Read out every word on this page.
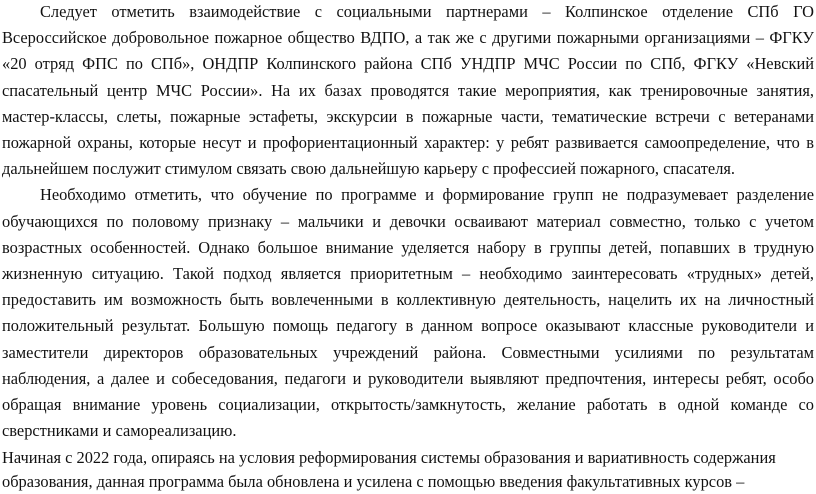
Следует отметить взаимодействие с социальными партнерами – Колпинское отделение СПб ГО Всероссийское добровольное пожарное общество ВДПО, а так же с другими пожарными организациями – ФГКУ «20 отряд ФПС по СПб», ОНДПР Колпинского района СПб УНДПР МЧС России по СПб, ФГКУ «Невский спасательный центр МЧС России». На их базах проводятся такие мероприятия, как тренировочные занятия, мастер-классы, слеты, пожарные эстафеты, экскурсии в пожарные части, тематические встречи с ветеранами пожарной охраны, которые несут и профориентационный характер: у ребят развивается самоопределение, что в дальнейшем послужит стимулом связать свою дальнейшую карьеру с профессией пожарного, спасателя.

Необходимо отметить, что обучение по программе и формирование групп не подразумевает разделение обучающихся по половому признаку – мальчики и девочки осваивают материал совместно, только с учетом возрастных особенностей. Однако большое внимание уделяется набору в группы детей, попавших в трудную жизненную ситуацию. Такой подход является приоритетным – необходимо заинтересовать «трудных» детей, предоставить им возможность быть вовлеченными в коллективную деятельность, нацелить их на личностный положительный результат. Большую помощь педагогу в данном вопросе оказывают классные руководители и заместители директоров образовательных учреждений района. Совместными усилиями по результатам наблюдения, а далее и собеседования, педагоги и руководители выявляют предпочтения, интересы ребят, особо обращая внимание уровень социализации, открытость/замкнутость, желание работать в одной команде со сверстниками и самореализацию.

Начиная с 2022 года, опираясь на условия реформирования системы образования и вариативность содержания образования, данная программа была обновлена и усилена с помощью введения факультативных курсов –
